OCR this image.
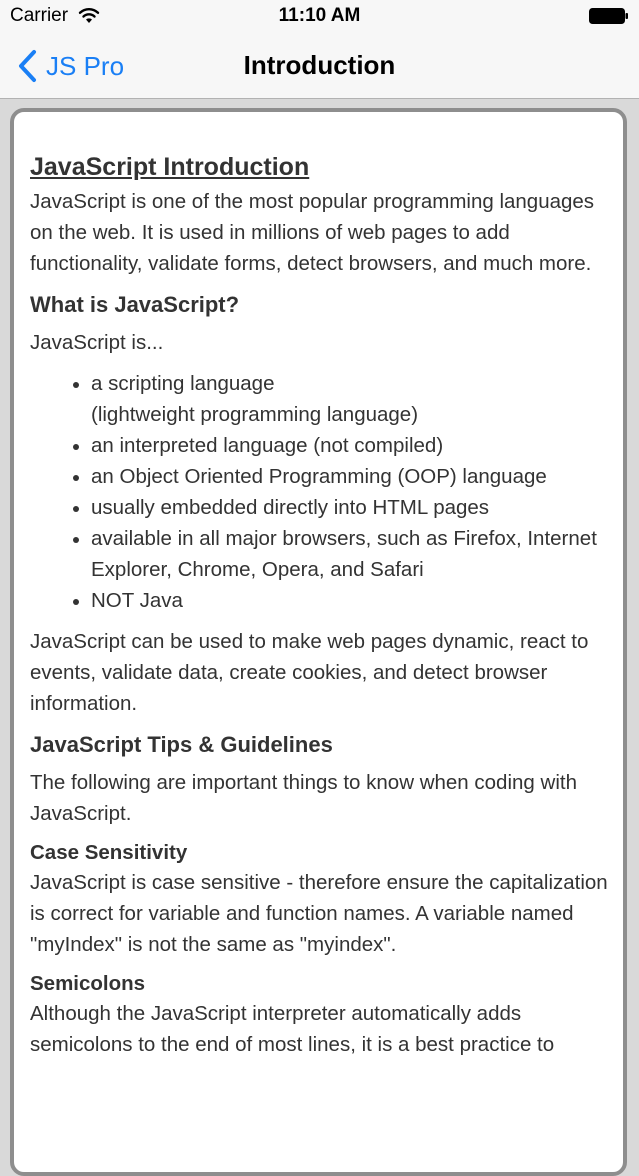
Carrier	11:10 AM
JS Pro	Introduction
JavaScript Introduction

JavaScript is one of the most popular programming languages on the web. It is used in millions of web pages to add functionality, validate forms, detect browsers, and much more.

What is JavaScript?

JavaScript is...

• a scripting language
(lightweight programming language)
• an interpreted language (not compiled)
• an Object Oriented Programming (OOP) language
• usually embedded directly into HTML pages
• available in all major browsers, such as Firefox, Internet Explorer, Chrome, Opera, and Safari
• NOT Java

JavaScript can be used to make web pages dynamic, react to events, validate data, create cookies, and detect browser information.

JavaScript Tips & Guidelines

The following are important things to know when coding with JavaScript.

Case Sensitivity

JavaScript is case sensitive - therefore ensure the capitalization is correct for variable and function names. A variable named "myIndex" is not the same as "myindex".

Semicolons

Although the JavaScript interpreter automatically adds semicolons to the end of most lines, it is a best practice to
